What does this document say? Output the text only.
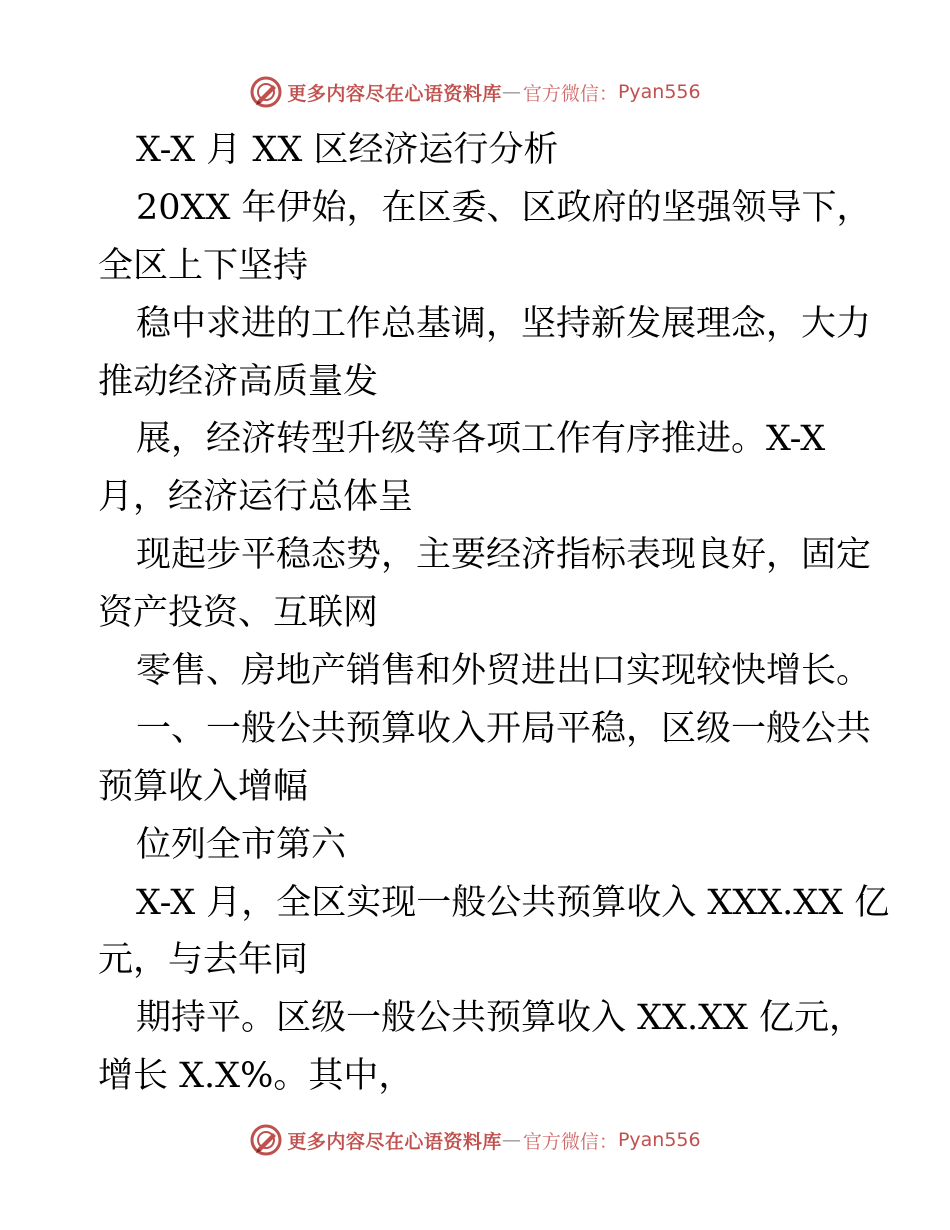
更多内容尽在心语资料库 — 官方微信： Pyan556
X-X 月 XX 区经济运行分析
20XX 年伊始，在区委、区政府的坚强领导下，
全区上下坚持
稳中求进的工作总基调，坚持新发展理念，大力
推动经济高质量发
展，经济转型升级等各项工作有序推进。X-X
月，经济运行总体呈
现起步平稳态势，主要经济指标表现良好，固定
资产投资、互联网
零售、房地产销售和外贸进出口实现较快增长。
一、一般公共预算收入开局平稳，区级一般公共
预算收入增幅
位列全市第六
X-X 月，全区实现一般公共预算收入 XXX.XX 亿
元，与去年同
期持平。区级一般公共预算收入 XX.XX 亿元，
增长 X.X%。其中，
更多内容尽在心语资料库 — 官方微信： Pyan556
